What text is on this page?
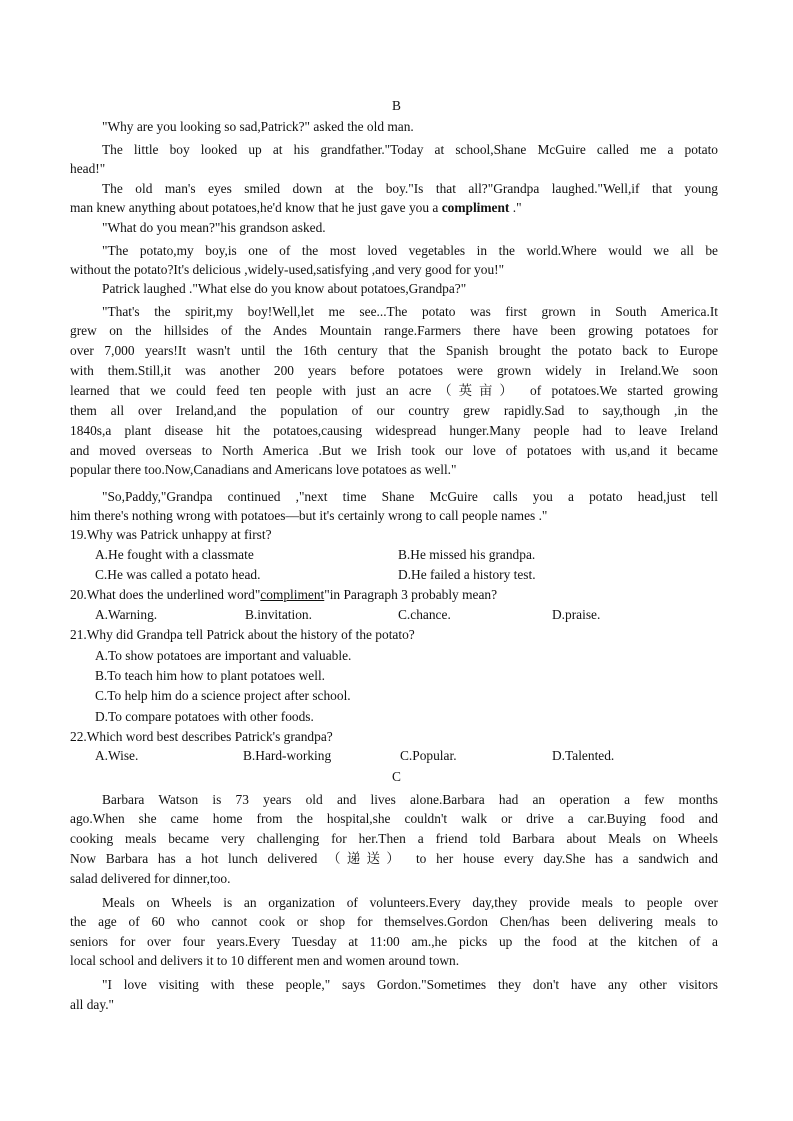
B
"Why are you looking so sad,Patrick?" asked the old man.
The little boy looked up at his grandfather."Today at school,Shane McGuire called me a potato
head!"
The old man's eyes smiled down at the boy."Is that all?"Grandpa laughed."Well,if that young
man knew anything about potatoes,he'd know that he just gave you a compliment ."
"What do you mean?"his grandson asked.
"The potato,my boy,is one of the most loved vegetables in the world.Where would we all be
without the potato?It's delicious ,widely-used,satisfying ,and very good for you!"
Patrick laughed ."What else do you know about potatoes,Grandpa?"
"That's the spirit,my boy!Well,let me see...The potato was first grown in South America.It
grew on the hillsides of the Andes Mountain range.Farmers there have been growing potatoes for
over 7,000 years!It wasn't until the 16th century that the Spanish brought the potato back to Europe
with them.Still,it was another 200 years before potatoes were grown widely in Ireland.We soon
learned that we could feed ten people with just an acre（英亩） of potatoes.We started growing
them all over Ireland,and the population of our country grew rapidly.Sad to say,though ,in the
1840s,a plant disease hit the potatoes,causing widespread hunger.Many people had to leave Ireland
and moved overseas to North America .But we Irish took our love of potatoes with us,and it became
popular there too.Now,Canadians and Americans love potatoes as well."
"So,Paddy,"Grandpa continued ,"next time Shane McGuire calls you a potato head,just tell
him there's nothing wrong with potatoes—but it's certainly wrong to call people names ."
19.Why was Patrick unhappy at first?
A.He fought with a classmate	B.He missed his grandpa.
C.He was called a potato head.	D.He failed a history test.
20.What does the underlined word"compliment"in Paragraph 3 probably mean?
A.Warning.	B.invitation.	C.chance.	D.praise.
21.Why did Grandpa tell Patrick about the history of the potato?
A.To show potatoes are important and valuable.
B.To teach him how to plant potatoes well.
C.To help him do a science project after school.
D.To compare potatoes with other foods.
22.Which word best describes Patrick's grandpa?
A.Wise.	B.Hard-working	C.Popular.	D.Talented.
C
Barbara Watson is 73 years old and lives alone.Barbara had an operation a few months
ago.When she came home from the hospital,she couldn't walk or drive a car.Buying food and
cooking meals became very challenging for her.Then a friend told Barbara about Meals on Wheels
Now Barbara has a hot lunch delivered （递送） to her house every day.She has a sandwich and
salad delivered for dinner,too.
Meals on Wheels is an organization of volunteers.Every day,they provide meals to people over
the age of 60 who cannot cook or shop for themselves.Gordon Chen/has been delivering meals to
seniors for over four years.Every Tuesday at 11:00 am.,he picks up the food at the kitchen of a
local school and delivers it to 10 different men and women around town.
"I love visiting with these people," says Gordon."Sometimes they don't have any other visitors
all day."
